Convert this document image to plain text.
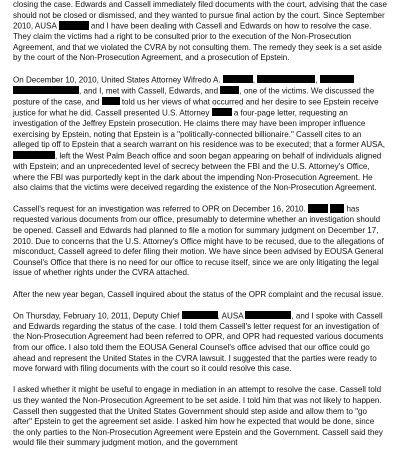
closing the case. Edwards and Cassell immediately filed documents with the court, advising that the case should not be closed or dismissed, and they wanted to pursue final action by the court. Since September 2010, AUSA	and I have been dealing with Cassell and Edwards on how to resolve the case. They claim the victims had a right to be consulted prior to the execution of the Non-Prosecution Agreement, and that we violated the CVRA by not consulting them. The remedy they seek is a set aside by the court of the Non-Prosecution Agreement, and a prosecution of Epstein.

On December 10, 2010, United States Attorney Wifredo A.	,	,  , and I, met with Cassell, Edwards, and , one of the victims. We discussed the posture of the case, and  told us her views of what occurred and her desire to see Epstein receive justice for what he did. Cassell presented U.S. Attorney  a four-page letter, requesting an investigation of the Jeffrey Epstein prosecution. He claims there may have been improper influence exercising by Epstein, noting that Epstein is a "politically-connected billionaire." Cassell cites to an alleged tip off to Epstein that a search warrant on his residence was to be executed; that a former AUSA, , left the West Palm Beach office and soon began appearing on behalf of individuals aligned with Epstein; and an unprecedented level of secrecy between the FBI and the U.S. Attorney's Office, where the FBI was purportedly kept in the dark about the impending Non-Prosecution Agreement. He also claims that the victims were deceived regarding the existence of the Non-Prosecution Agreement.

Cassell's request for an investigation was referred to OPR on December 16, 2010.	has requested various documents from our office, presumably to determine whether an investigation should be opened. Cassell and Edwards had planned to file a motion for summary judgment on December 17, 2010. Due to concerns that the U.S. Attorney's Office might have to be recused, due to the allegations of misconduct, Cassell agreed to defer filing their motion. We have since been advised by EOUSA General Counsel's Office that there is no need for our office to recuse itself, since we are only litigating the legal issue of whether rights under the CVRA attached.

After the new year began, Cassell inquired about the status of the OPR complaint and the recusal issue.

On Thursday, February 10, 2011, Deputy Chief	, AUSA	, and I spoke with Cassell and Edwards regarding the status of the case. I told them Cassell's letter request for an investigation of the Non-Prosecution Agreement had been referred to OPR, and OPR had requested various documents from our office. I also told them the EOUSA General Counsel's office advised that our office could go ahead and represent the United States in the CVRA lawsuit. I suggested that the parties were ready to move forward with filing documents with the court so it could resolve this case.

I asked whether it might be useful to engage in mediation in an attempt to resolve the case. Cassell told us they wanted the Non-Prosecution Agreement to be set aside. I told him that was not likely to happen. Cassell then suggested that the United States Government should step aside and allow them to "go after" Epstein to get the agreement set aside. I asked him how he expected that would be done, since the only parties to the Non-Prosecution Agreement were Epstein and the Government. Cassell said they would file their summary judgment motion, and the government
